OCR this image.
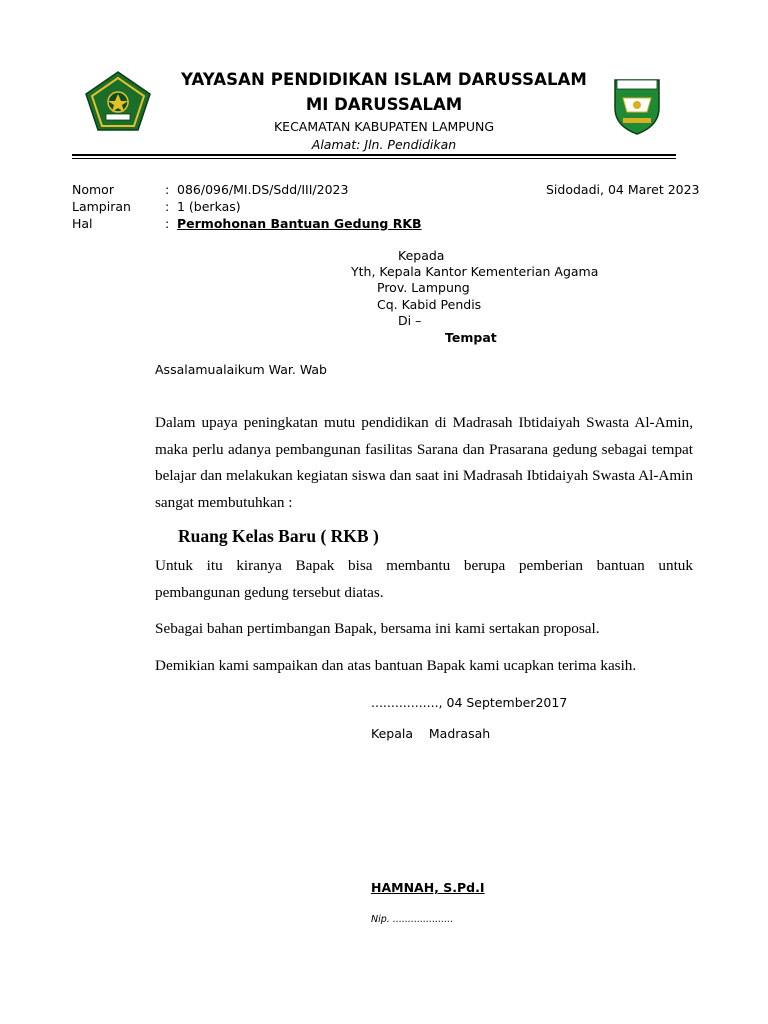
YAYASAN PENDIDIKAN ISLAM DARUSSALAM
MI DARUSSALAM
KECAMATAN KABUPATEN LAMPUNG
Alamat: Jln. Pendidikan
Nomor	: 086/096/MI.DS/Sdd/III/2023
Lampiran	: 1 (berkas)
Hal	: Permohonan Bantuan Gedung RKB
Sidodadi, 04 Maret 2023
Kepada
Yth, Kepala Kantor Kementerian Agama
Prov. Lampung
Cq. Kabid Pendis
Di –
Tempat
Assalamualaikum War. Wab
Dalam upaya peningkatan mutu pendidikan di Madrasah Ibtidaiyah Swasta Al-Amin, maka perlu adanya pembangunan fasilitas Sarana dan Prasarana gedung sebagai tempat belajar dan melakukan kegiatan siswa dan saat ini Madrasah Ibtidaiyah Swasta Al-Amin sangat membutuhkan :
Ruang Kelas Baru ( RKB )
Untuk itu kiranya Bapak bisa membantu berupa pemberian bantuan untuk pembangunan gedung tersebut diatas.
Sebagai bahan pertimbangan Bapak, bersama ini kami sertakan proposal.
Demikian kami sampaikan dan atas bantuan Bapak kami ucapkan terima kasih.
................., 04 September2017
Kepala    Madrasah
HAMNAH, S.Pd.I
Nip. ....................
